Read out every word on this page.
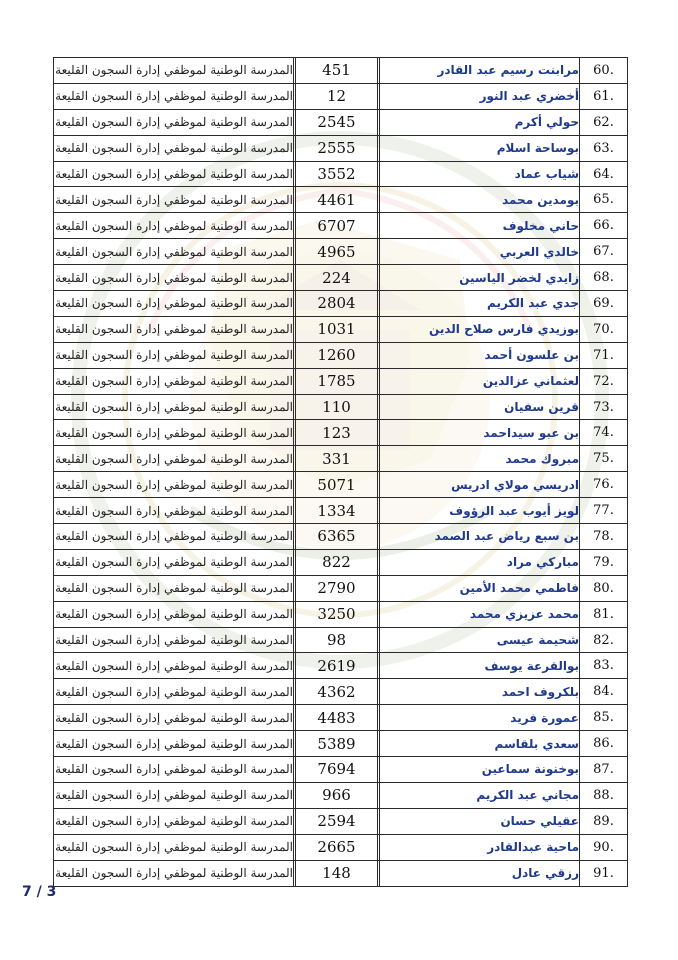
المدرسة الوطنية لموظفي إدارة السجون القليعة		451		مرابنت رسيم عبد القادر	60.
المدرسة الوطنية لموظفي إدارة السجون القليعة		12		أخضري عبد النور	61.
المدرسة الوطنية لموظفي إدارة السجون القليعة		2545		حولي أكرم	62.
المدرسة الوطنية لموظفي إدارة السجون القليعة		2555		بوساحة اسلام	63.
المدرسة الوطنية لموظفي إدارة السجون القليعة		3552		شياب عماد	64.
المدرسة الوطنية لموظفي إدارة السجون القليعة		4461		بومدين محمد	65.
المدرسة الوطنية لموظفي إدارة السجون القليعة		6707		حاني مخلوف	66.
المدرسة الوطنية لموظفي إدارة السجون القليعة		4965		خالدي العربي	67.
المدرسة الوطنية لموظفي إدارة السجون القليعة		224		زايدي لخضر الياسين	68.
المدرسة الوطنية لموظفي إدارة السجون القليعة		2804		جدي عبد الكريم	69.
المدرسة الوطنية لموظفي إدارة السجون القليعة		1031		بوزيدي فارس صلاح الدين	70.
المدرسة الوطنية لموظفي إدارة السجون القليعة		1260		بن علسون أحمد	71.
المدرسة الوطنية لموظفي إدارة السجون القليعة		1785		لعثماني عزالدين	72.
المدرسة الوطنية لموظفي إدارة السجون القليعة		110		قرين سفيان	73.
المدرسة الوطنية لموظفي إدارة السجون القليعة		123		بن عبو سيداحمد	74.
المدرسة الوطنية لموظفي إدارة السجون القليعة		331		مبروك محمد	75.
المدرسة الوطنية لموظفي إدارة السجون القليعة		5071		ادريسي مولاي ادريس	76.
المدرسة الوطنية لموظفي إدارة السجون القليعة		1334		لويز أيوب عبد الرؤوف	77.
المدرسة الوطنية لموظفي إدارة السجون القليعة		6365		بن سبع رياض عبد الصمد	78.
المدرسة الوطنية لموظفي إدارة السجون القليعة		822		مباركي مراد	79.
المدرسة الوطنية لموظفي إدارة السجون القليعة		2790		فاطمي محمد الأمين	80.
المدرسة الوطنية لموظفي إدارة السجون القليعة		3250		محمد عزيزي محمد	81.
المدرسة الوطنية لموظفي إدارة السجون القليعة		98		شحيمة عيسى	82.
المدرسة الوطنية لموظفي إدارة السجون القليعة		2619		بوالقرعة يوسف	83.
المدرسة الوطنية لموظفي إدارة السجون القليعة		4362		بلكروف احمد	84.
المدرسة الوطنية لموظفي إدارة السجون القليعة		4483		عمورة فريد	85.
المدرسة الوطنية لموظفي إدارة السجون القليعة		5389		سعدي بلقاسم	86.
المدرسة الوطنية لموظفي إدارة السجون القليعة		7694		بوخنونة سماعين	87.
المدرسة الوطنية لموظفي إدارة السجون القليعة		966		مجاني عبد الكريم	88.
المدرسة الوطنية لموظفي إدارة السجون القليعة		2594		عقيلي حسان	89.
المدرسة الوطنية لموظفي إدارة السجون القليعة		2665		ماحية عبدالقادر	90.
المدرسة الوطنية لموظفي إدارة السجون القليعة		148		رزقي عادل	91.
7 / 3
